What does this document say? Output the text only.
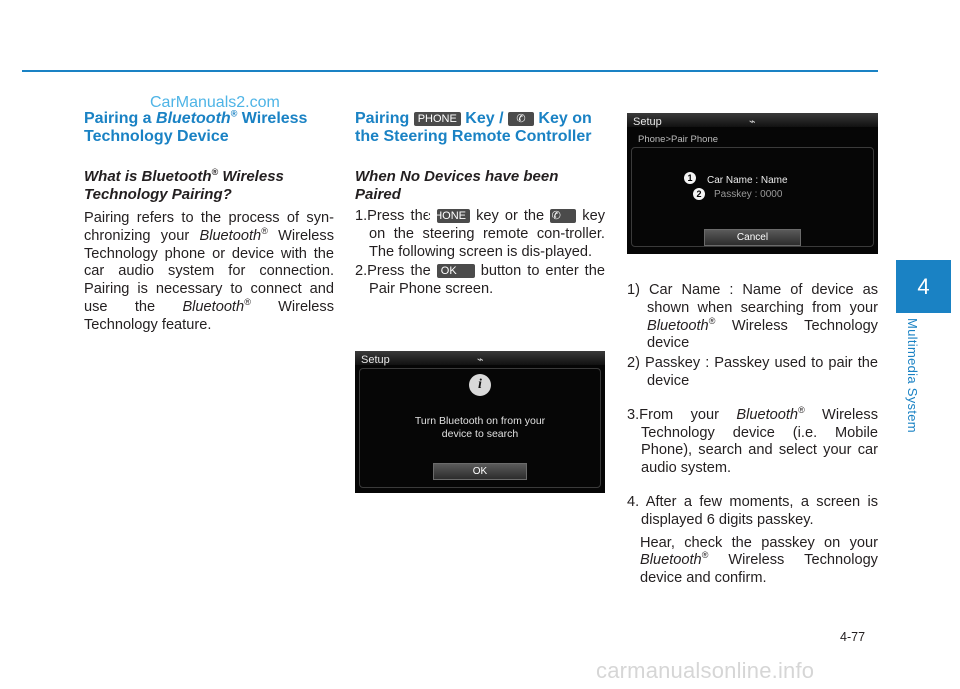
CarManuals2.com
Pairing a Bluetooth® Wireless Technology Device
What is Bluetooth® Wireless Technology Pairing?

Pairing refers to the process of syn-chronizing your Bluetooth® Wireless Technology phone or device with the car audio system for connection. Pairing is necessary to connect and use the Bluetooth® Wireless Technology feature.

Pairing PHONE Key / ✆ Key on the Steering Remote Controller
When No Devices have been Paired

1.Press the PHONE key or the ✆ key on the steering remote con-troller. The following screen is dis-played.

2.Press the OK button to enter the Pair Phone screen.

Setup	⌁
i
Turn Bluetooth on from your device to search
OK
Setup	⌁
Phone>Pair Phone
1
2
Car Name : Name
Passkey : 0000
Cancel

1) Car Name : Name of device as shown when searching from your Bluetooth® Wireless Technology device

2) Passkey : Passkey used to pair the device

3.From your Bluetooth® Wireless Technology device (i.e. Mobile Phone), search and select your car audio system.

4. After a few moments, a screen is displayed 6 digits passkey.

Hear, check the passkey on your Bluetooth® Wireless Technology device and confirm.

4
Multimedia System
4-77
carmanualsonline.info
